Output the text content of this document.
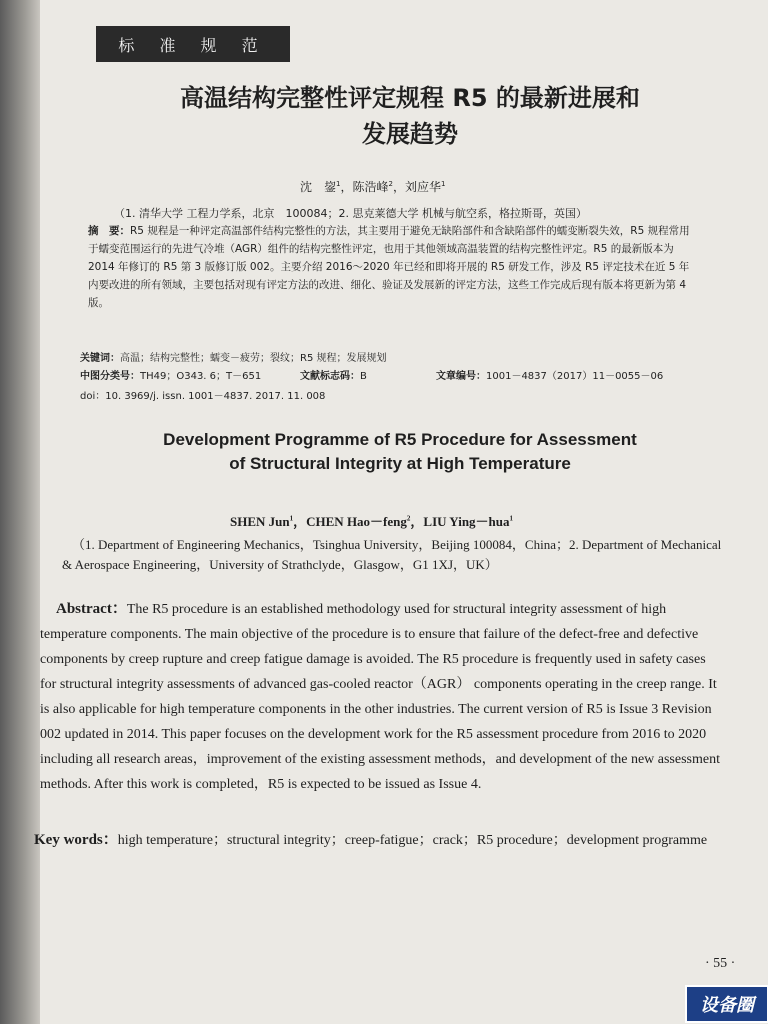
标 准 规 范
高温结构完整性评定规程 R5 的最新进展和
发展趋势
沈　鋆$^1$，陈浩峰$^2$，刘应华$^1$
（1. 清华大学 工程力学系，北京　100084；2. 思克莱德大学 机械与航空系，格拉斯哥，英国）
摘　要：R5 规程是一种评定高温部件结构完整性的方法，其主要用于避免无缺陷部件和含缺陷部件的蠕变断裂失效，R5 规程常用于蠕变范围运行的先进气冷堆（AGR）组件的结构完整性评定，也用于其他领域高温装置的结构完整性评定。R5 的最新版本为 2014 年修订的 R5 第 3 版修订版 002。主要介绍 2016～2020 年已经和即将开展的 R5 研发工作，涉及 R5 评定技术在近 5 年内要改进的所有领域，主要包括对现有评定方法的改进、细化、验证及发展新的评定方法，这些工作完成后现有版本将更新为第 4 版。
关键词：高温；结构完整性；蠕变－疲劳；裂纹；R5 规程；发展规划
中图分类号：TH49；O343. 6；T－651	文献标志码：B	文章编号：1001－4837（2017）11－0055－06
doi：10. 3969/j. issn. 1001－4837. 2017. 11. 008
Development Programme of R5 Procedure for Assessment
of Structural Integrity at High Temperature
SHEN Jun$^1$，CHEN Hao－feng$^2$，LIU Ying－hua$^1$
（1. Department of Engineering Mechanics，Tsinghua University，Beijing 100084，China；2. Department of Mechanical & Aerospace Engineering，University of Strathclyde，Glasgow，G1 1XJ，UK）

Abstract：The R5 procedure is an established methodology used for structural integrity assessment of high temperature components. The main objective of the procedure is to ensure that failure of the defect-free and defective components by creep rupture and creep fatigue damage is avoided. The R5 procedure is frequently used in safety cases for structural integrity assessments of advanced gas-cooled reactor（AGR） components operating in the creep range. It is also applicable for high temperature components in the other industries. The current version of R5 is Issue 3 Revision 002 updated in 2014. This paper focuses on the development work for the R5 assessment procedure from 2016 to 2020 including all research areas，improvement of the existing assessment methods，and development of the new assessment methods. After this work is completed，R5 is expected to be issued as Issue 4.

Key words：high temperature；structural integrity；creep-fatigue；crack；R5 procedure；development programme
· 55 ·
设备圈
